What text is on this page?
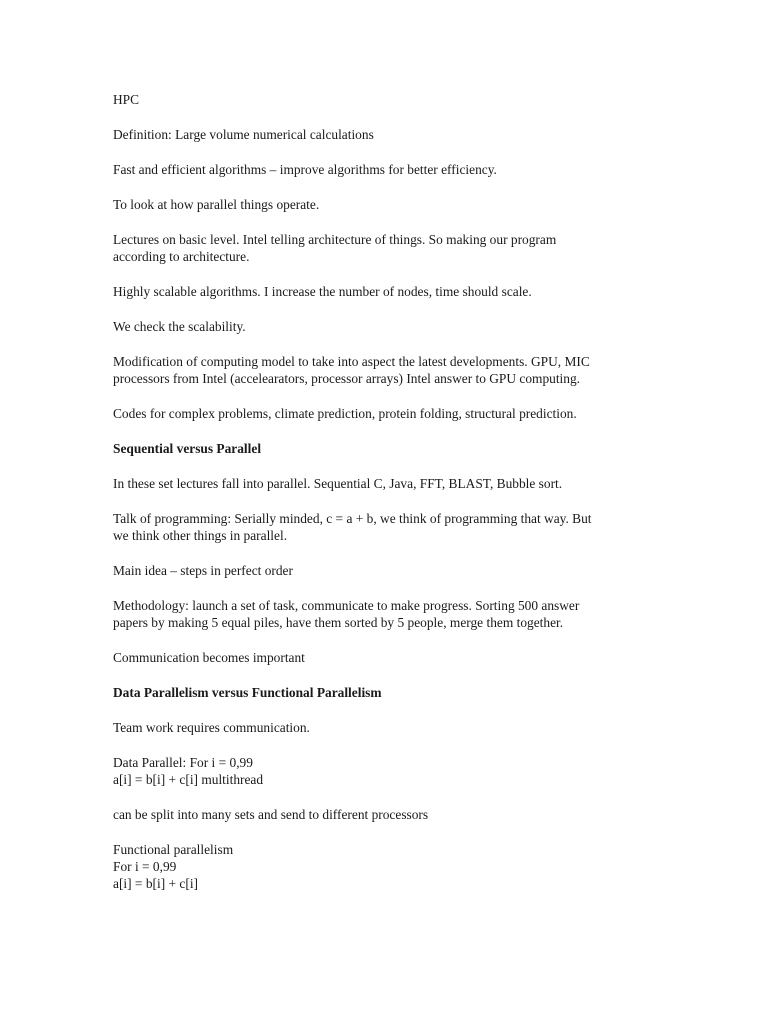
HPC
Definition: Large volume numerical calculations
Fast and efficient algorithms – improve algorithms for better efficiency.
To look at how parallel things operate.
Lectures on basic level. Intel telling architecture of things. So making our program
according to architecture.
Highly scalable algorithms. I increase the number of nodes, time should scale.
We check the scalability.
Modification of computing model to take into aspect the latest developments. GPU, MIC
processors from Intel (accelearators, processor arrays) Intel answer to GPU computing.
Codes for complex problems, climate prediction, protein folding, structural prediction.
Sequential versus Parallel
In these set lectures fall into parallel. Sequential C, Java, FFT, BLAST, Bubble sort.
Talk of programming: Serially minded, c = a + b, we think of programming that way. But
we think other things in parallel.
Main idea – steps in perfect order
Methodology: launch a set of task, communicate to make progress. Sorting 500 answer
papers by making 5 equal piles, have them sorted by 5 people, merge them together.
Communication becomes important
Data Parallelism versus Functional Parallelism
Team work requires communication.
Data Parallel: For i = 0,99
a[i] = b[i] + c[i] multithread
can be split into many sets and send to different processors
Functional parallelism
For i = 0,99
a[i] = b[i] + c[i]
